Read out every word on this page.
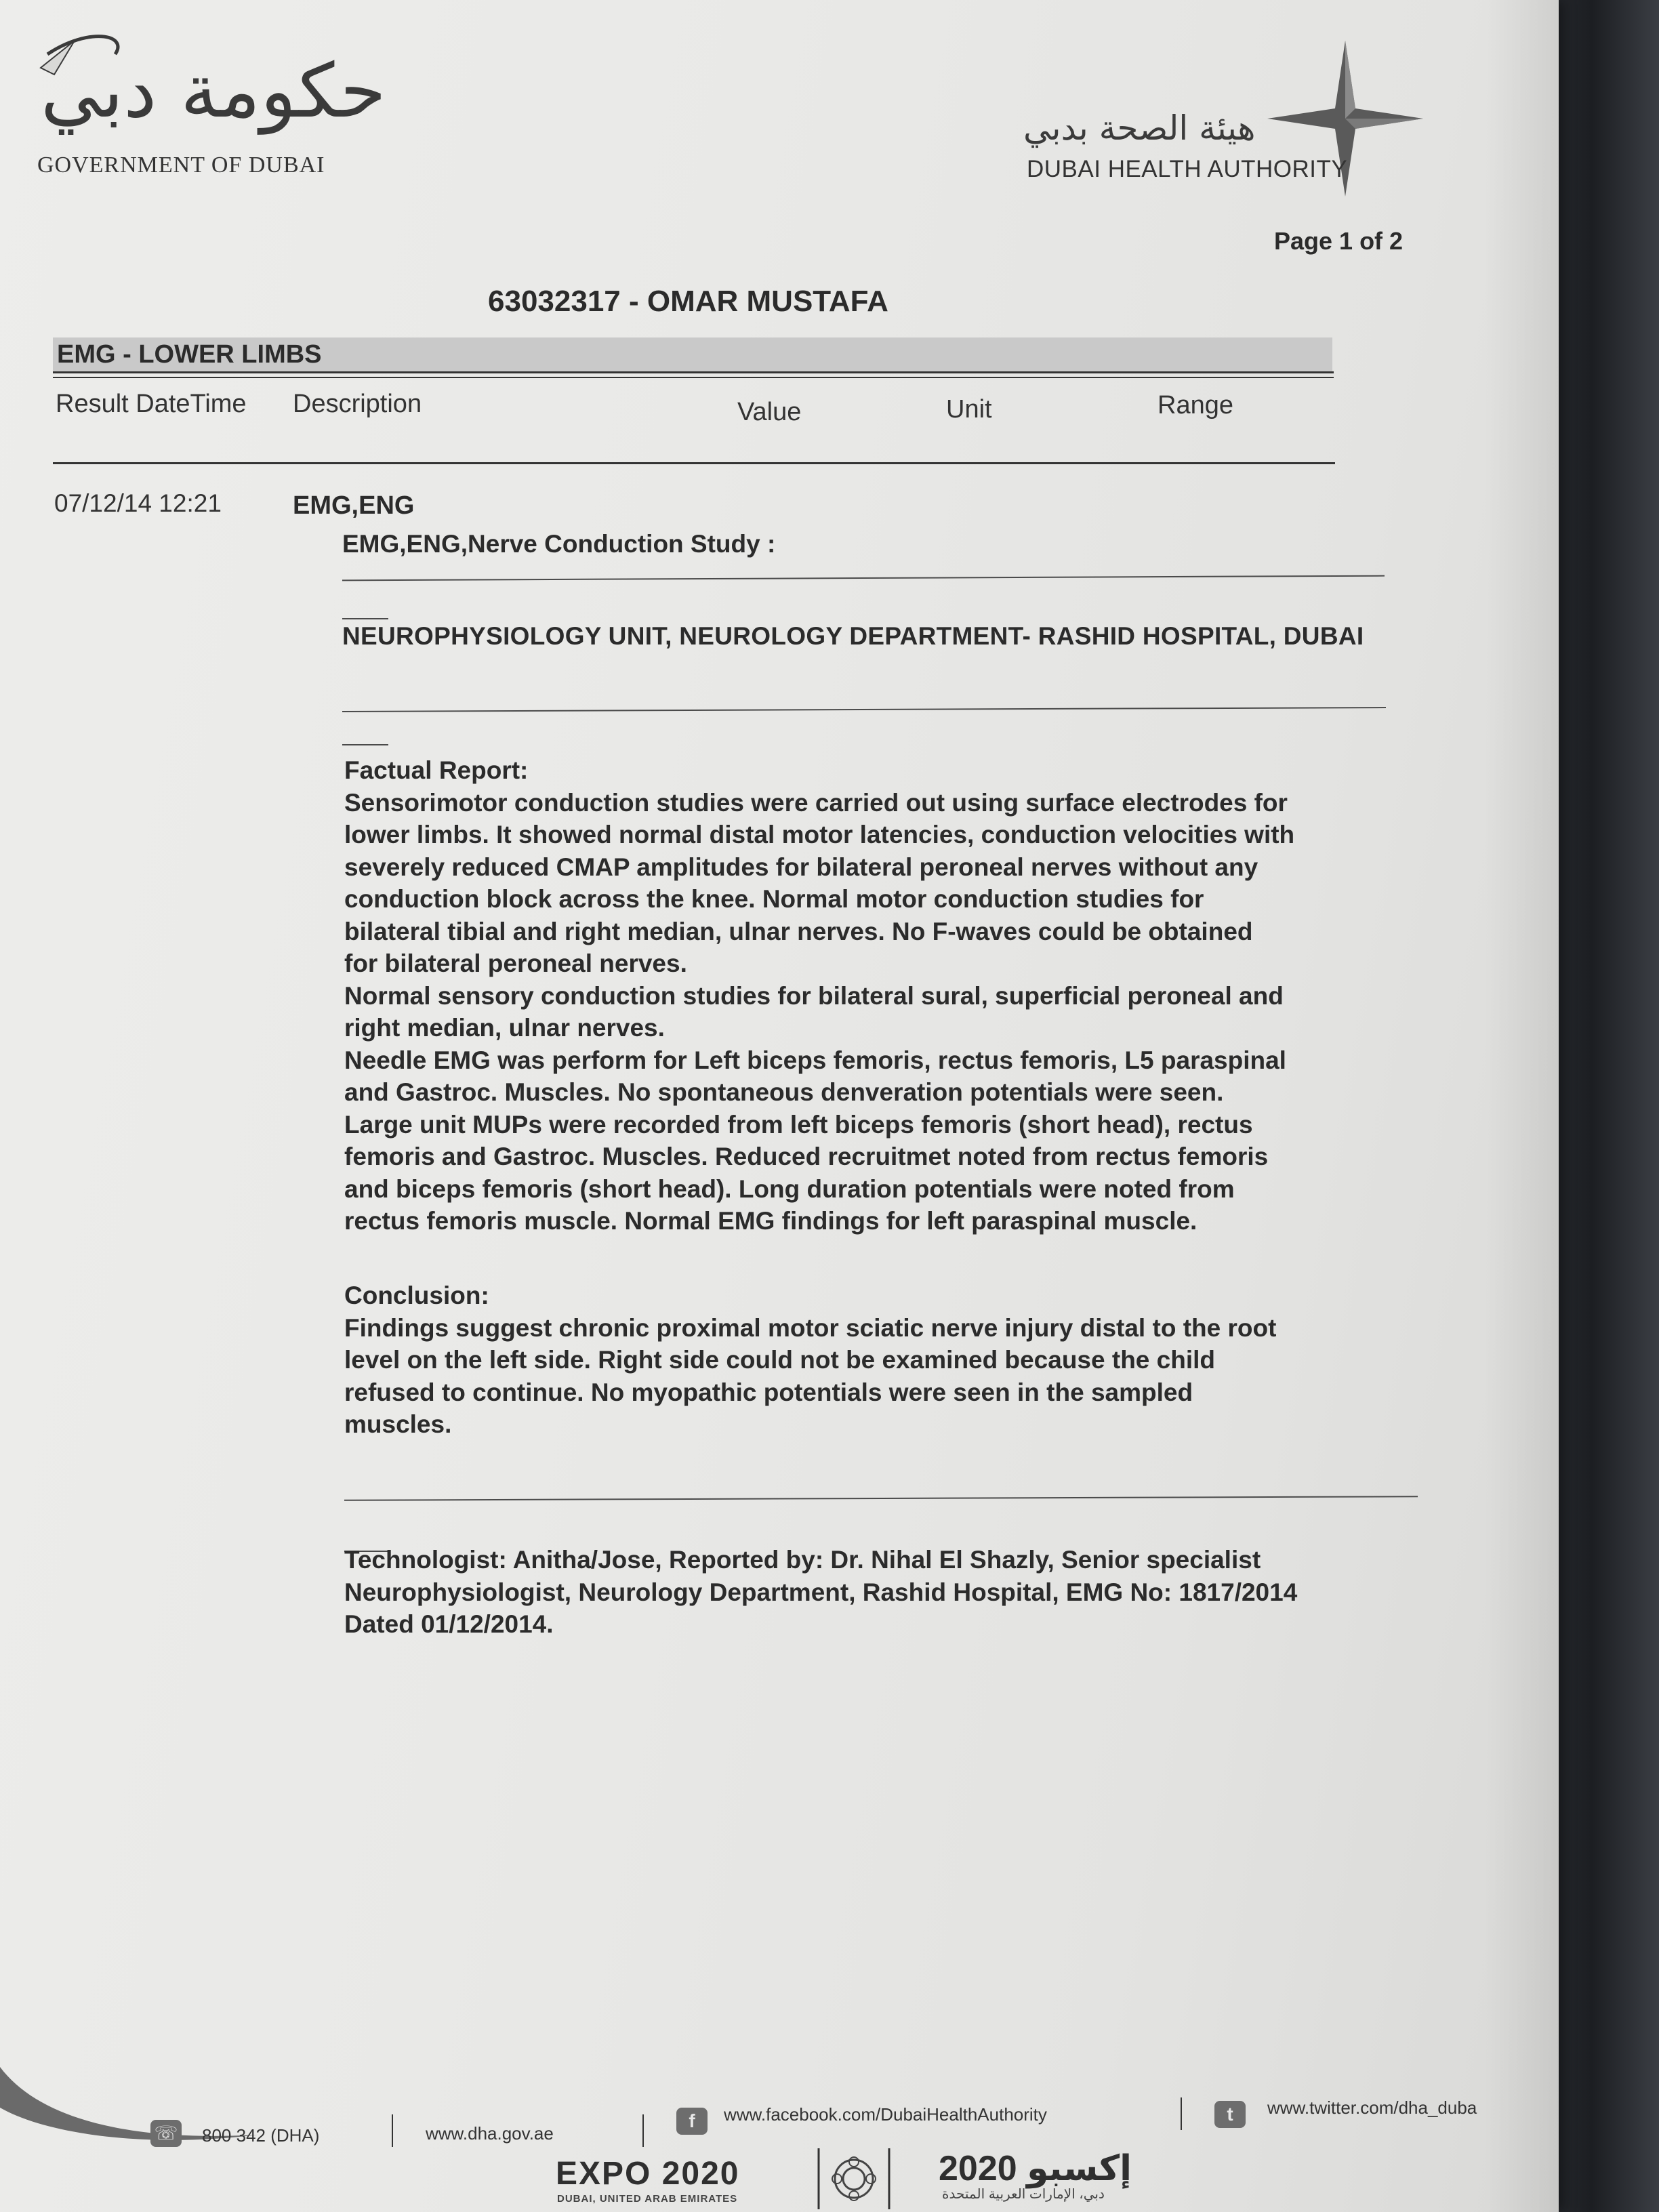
حكومة دبي
GOVERNMENT OF DUBAI
هيئة الصحة بدبي
DUBAI HEALTH AUTHORITY
Page 1 of 2
63032317 - OMAR MUSTAFA
EMG - LOWER LIMBS
Result DateTime Description	Value	Unit	Range
07/12/14 12:21	EMG,ENG
EMG,ENG,Nerve Conduction Study :
NEUROPHYSIOLOGY UNIT, NEUROLOGY DEPARTMENT- RASHID HOSPITAL, DUBAI
Factual Report:
Sensorimotor conduction studies were carried out using surface electrodes for
lower limbs. It showed normal distal motor latencies, conduction velocities with
severely reduced CMAP amplitudes for bilateral peroneal nerves without any
conduction block across the knee. Normal motor conduction studies for
bilateral tibial and right median, ulnar nerves. No F-waves could be obtained
for bilateral peroneal nerves.
Normal sensory conduction studies for bilateral sural, superficial peroneal and
right median, ulnar nerves.
Needle EMG was perform for Left biceps femoris, rectus femoris, L5 paraspinal
and Gastroc. Muscles. No spontaneous denveration potentials were seen.
Large unit MUPs were recorded from left biceps femoris (short head), rectus
femoris and Gastroc. Muscles. Reduced recruitmet noted from rectus femoris
and biceps femoris (short head). Long duration potentials were noted from
rectus femoris muscle. Normal EMG findings for left paraspinal muscle.
Conclusion:
Findings suggest chronic proximal motor sciatic nerve injury distal to the root
level on the left side. Right side could not be examined because the child
refused to continue. No myopathic potentials were seen in the sampled
muscles.
Technologist: Anitha/Jose, Reported by: Dr. Nihal El Shazly, Senior specialist
Neurophysiologist, Neurology Department, Rashid Hospital, EMG No: 1817/2014
Dated 01/12/2014.
☏ 800 342 (DHA)	www.dha.gov.ae
f	www.facebook.com/DubaiHealthAuthority	t	www.twitter.com/dha_duba
EXPO 2020
DUBAI, UNITED ARAB EMIRATES
إكسبو 2020
دبي، الإمارات العربية المتحدة
